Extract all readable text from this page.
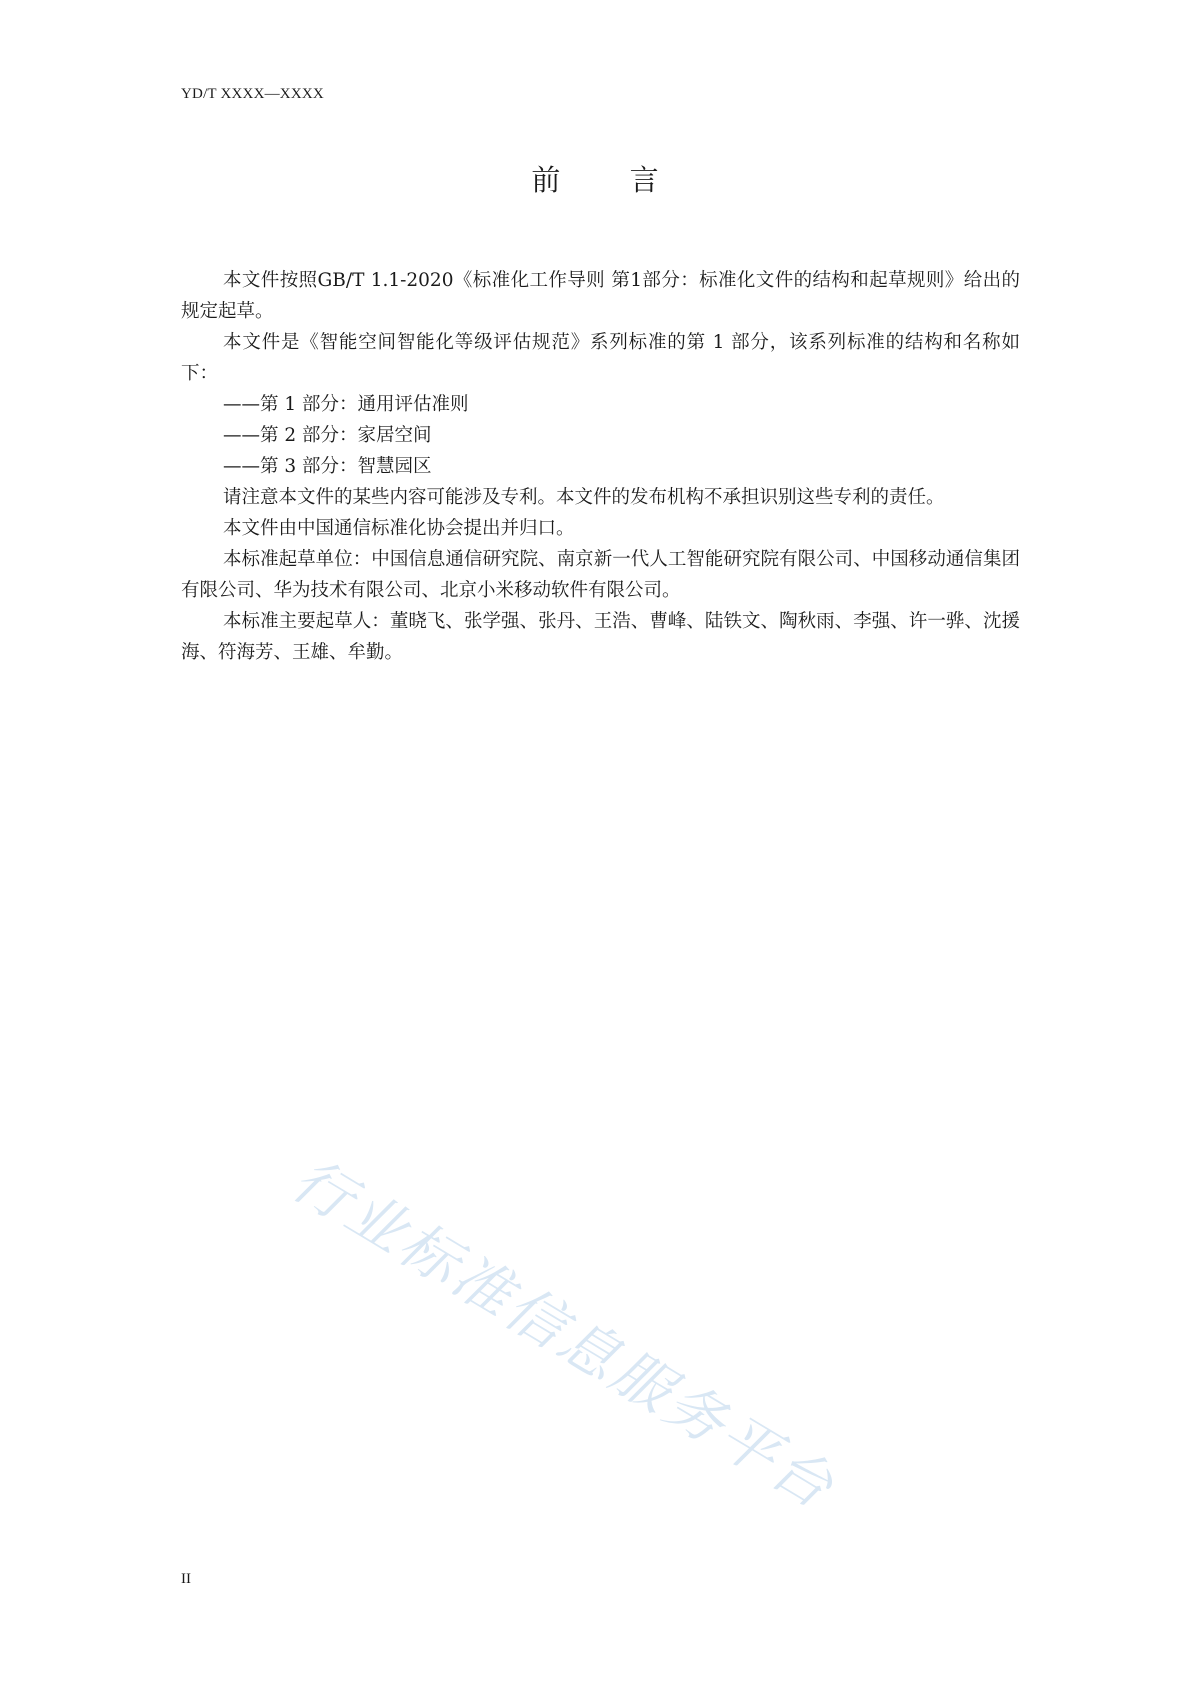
YD/T XXXX—XXXX
前 言

本文件按照GB/T 1.1-2020《标准化工作导则 第1部分：标准化文件的结构和起草规则》给出的规定起草。

本文件是《智能空间智能化等级评估规范》系列标准的第 1 部分，该系列标准的结构和名称如下：

——第 1 部分：通用评估准则

——第 2 部分：家居空间

——第 3 部分：智慧园区

请注意本文件的某些内容可能涉及专利。本文件的发布机构不承担识别这些专利的责任。

本文件由中国通信标准化协会提出并归口。

本标准起草单位：中国信息通信研究院、南京新一代人工智能研究院有限公司、中国移动通信集团有限公司、华为技术有限公司、北京小米移动软件有限公司。

本标准主要起草人：董晓飞、张学强、张丹、王浩、曹峰、陆铁文、陶秋雨、李强、许一骅、沈援海、符海芳、王雄、牟勤。

行业标准信息服务平台
II
